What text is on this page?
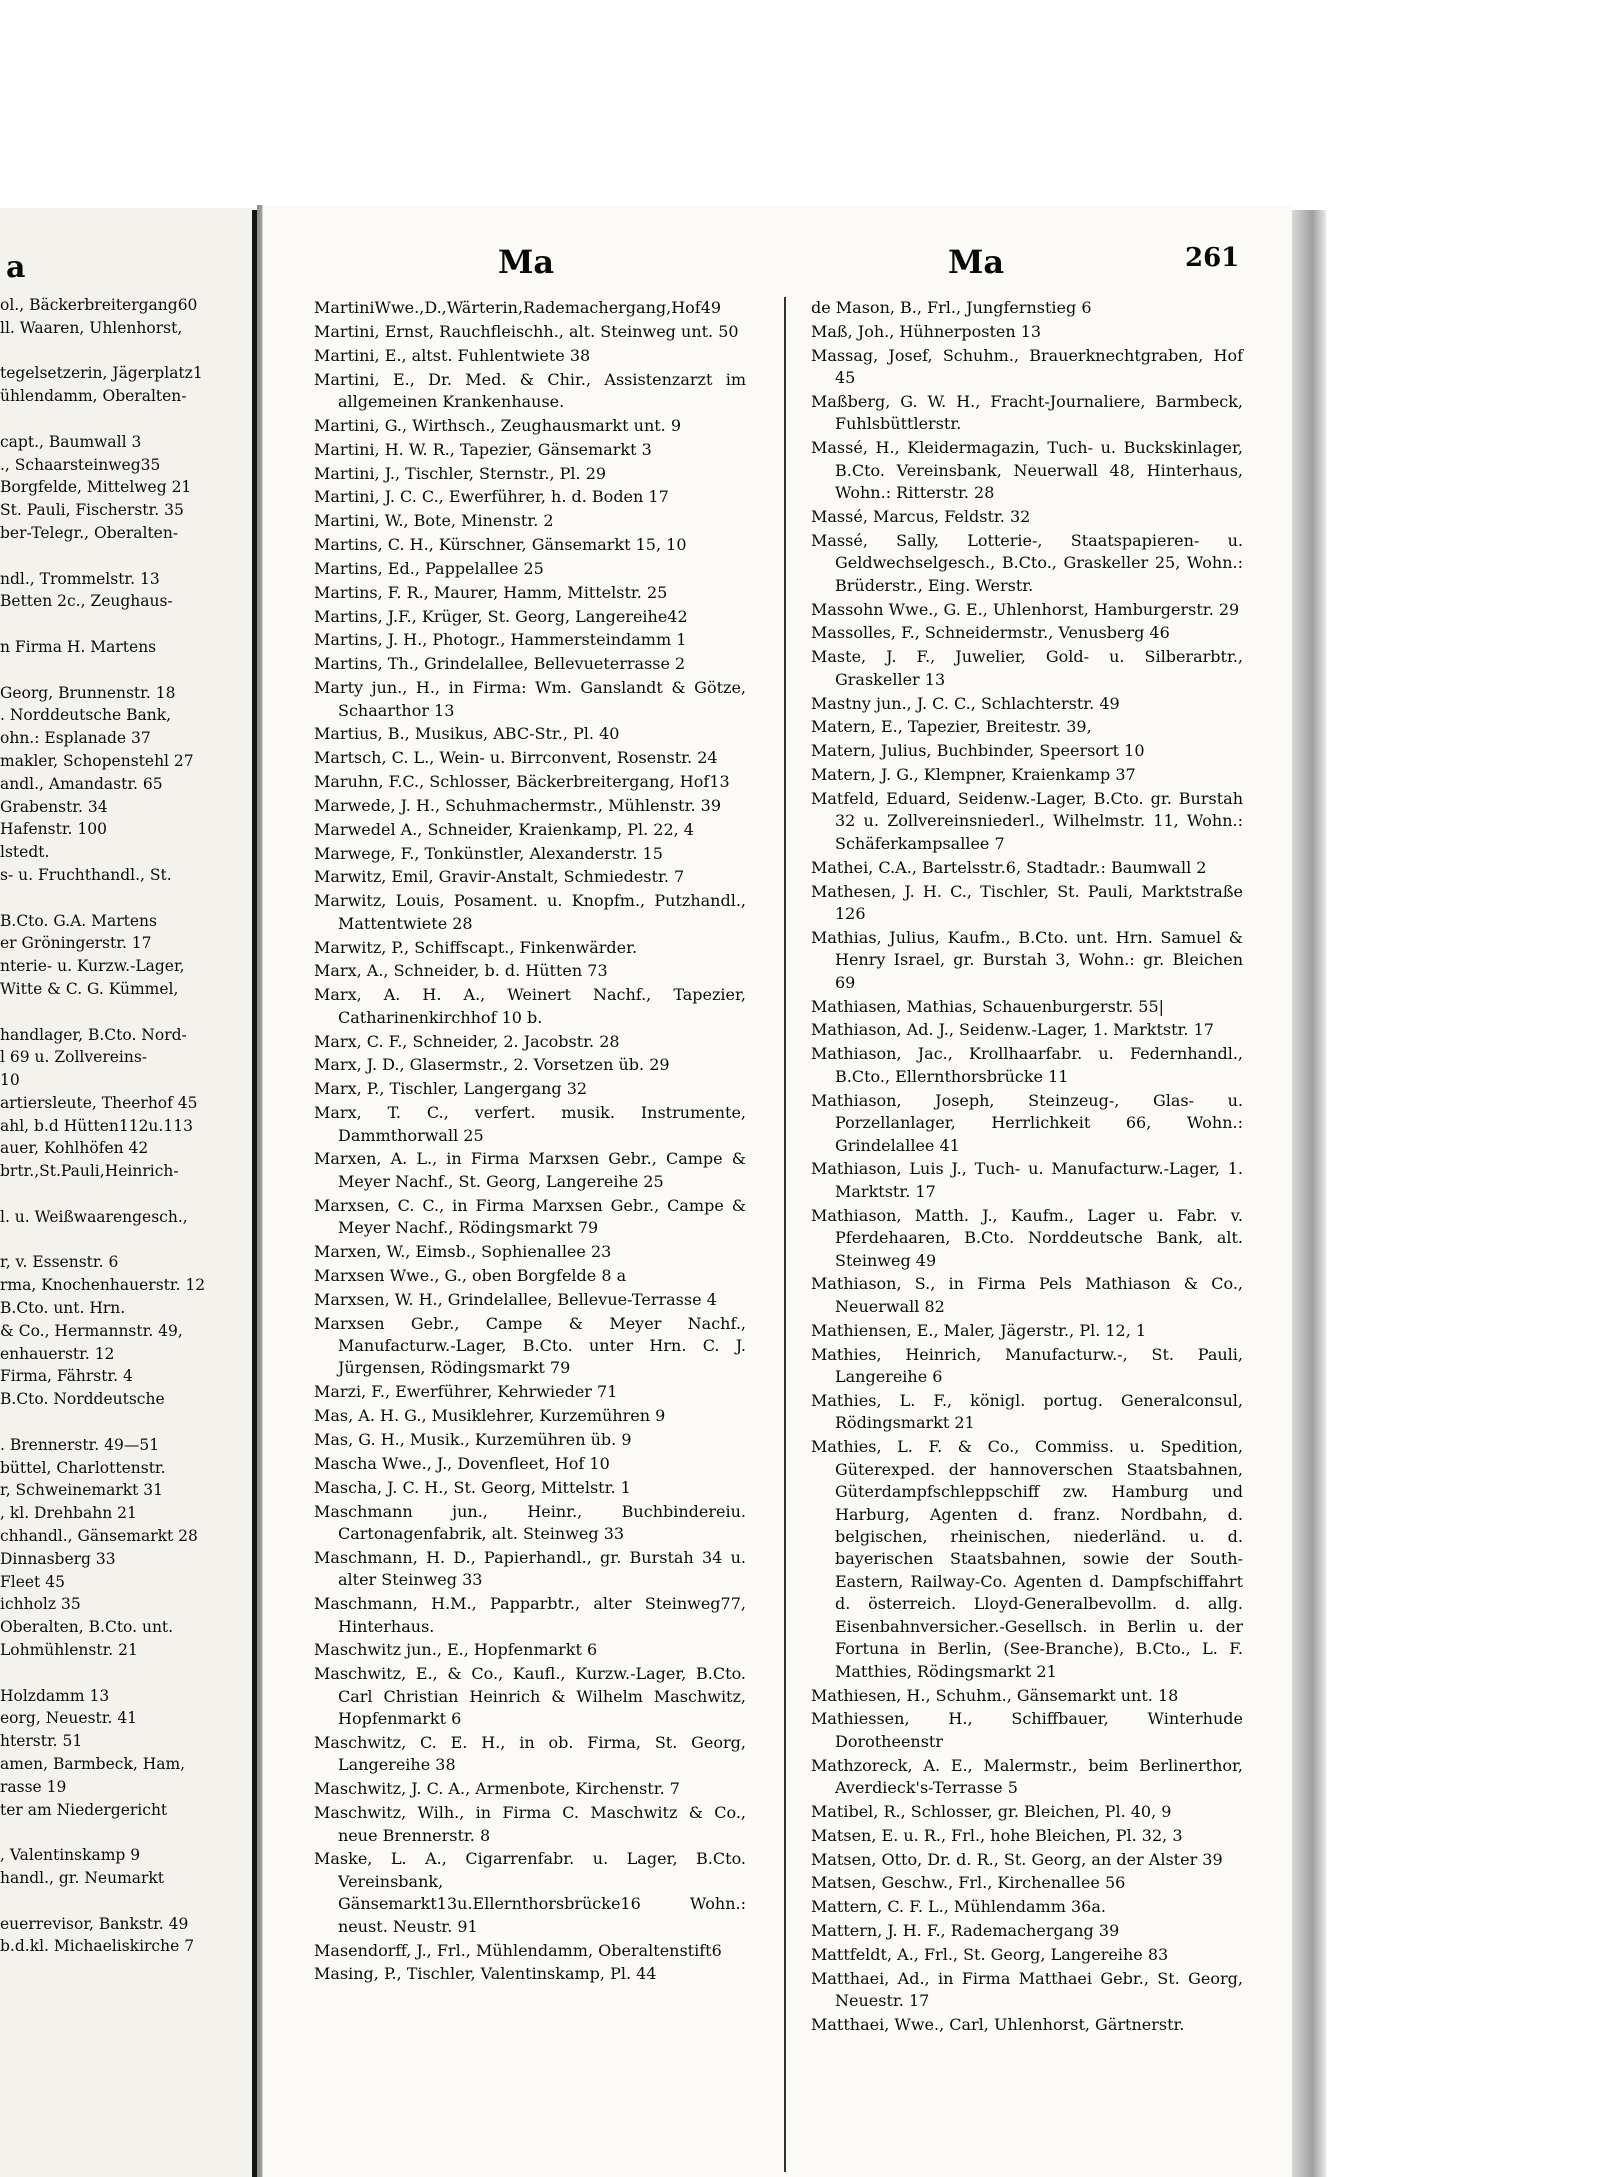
a
ol., Bäckerbreitergang60
ll. Waaren, Uhlenhorst,
tegelsetzerin, Jägerplatz1
ühlendamm, Oberalten-
capt., Baumwall 3
., Schaarsteinweg35
Borgfelde, Mittelweg 21
St. Pauli, Fischerstr. 35
ber-Telegr., Oberalten-
ndl., Trommelstr. 13
Betten 2c., Zeughaus-
n Firma H. Martens
Georg, Brunnenstr. 18
. Norddeutsche Bank,
ohn.: Esplanade 37
makler, Schopenstehl 27
andl., Amandastr. 65
Grabenstr. 34
Hafenstr. 100
lstedt.
s- u. Fruchthandl., St.
B.Cto. G.A. Martens
er Gröningerstr. 17
nterie- u. Kurzw.-Lager,
Witte & C. G. Kümmel,
handlager, B.Cto. Nord-
l 69 u. Zollvereins-
10
artiersleute, Theerhof 45
ahl, b.d Hütten112u.113
auer, Kohlhöfen 42
brtr.,St.Pauli,Heinrich-
l. u. Weißwaarengesch.,
r, v. Essenstr. 6
rma, Knochenhauerstr. 12
B.Cto. unt. Hrn.
& Co., Hermannstr. 49,
enhauerstr. 12
Firma, Fährstr. 4
B.Cto. Norddeutsche
. Brennerstr. 49—51
büttel, Charlottenstr.
r, Schweinemarkt 31
, kl. Drehbahn 21
chhandl., Gänsemarkt 28
Dinnasberg 33
Fleet 45
ichholz 35
Oberalten, B.Cto. unt.
Lohmühlenstr. 21
Holzdamm 13
eorg, Neuestr. 41
hterstr. 51
amen, Barmbeck, Ham,
rasse 19
ter am Niedergericht
, Valentinskamp 9
handl., gr. Neumarkt
euerrevisor, Bankstr. 49
b.d.kl. Michaeliskirche 7
Ma	Ma	261
MartiniWwe.,D.,Wärterin,Rademachergang,Hof49
Martini, Ernst, Rauchfleischh., alt. Steinweg unt. 50
Martini, E., altst. Fuhlentwiete 38
Martini, E., Dr. Med. & Chir., Assistenzarzt im allgemeinen Krankenhause.
Martini, G., Wirthsch., Zeughausmarkt unt. 9
Martini, H. W. R., Tapezier, Gänsemarkt 3
Martini, J., Tischler, Sternstr., Pl. 29
Martini, J. C. C., Ewerführer, h. d. Boden 17
Martini, W., Bote, Minenstr. 2
Martins, C. H., Kürschner, Gänsemarkt 15, 10
Martins, Ed., Pappelallee 25
Martins, F. R., Maurer, Hamm, Mittelstr. 25
Martins, J.F., Krüger, St. Georg, Langereihe42
Martins, J. H., Photogr., Hammersteindamm 1
Martins, Th., Grindelallee, Bellevueterrasse 2
Marty jun., H., in Firma: Wm. Ganslandt & Götze, Schaarthor 13
Martius, B., Musikus, ABC-Str., Pl. 40
Martsch, C. L., Wein- u. Birrconvent, Rosenstr. 24
Maruhn, F.C., Schlosser, Bäckerbreitergang, Hof13
Marwede, J. H., Schuhmachermstr., Mühlenstr. 39
Marwedel A., Schneider, Kraienkamp, Pl. 22, 4
Marwege, F., Tonkünstler, Alexanderstr. 15
Marwitz, Emil, Gravir-Anstalt, Schmiedestr. 7
Marwitz, Louis, Posament. u. Knopfm., Putzhandl., Mattentwiete 28
Marwitz, P., Schiffscapt., Finkenwärder.
Marx, A., Schneider, b. d. Hütten 73
Marx, A. H. A., Weinert Nachf., Tapezier, Catharinenkirchhof 10 b.
Marx, C. F., Schneider, 2. Jacobstr. 28
Marx, J. D., Glasermstr., 2. Vorsetzen üb. 29
Marx, P., Tischler, Langergang 32
Marx, T. C., verfert. musik. Instrumente, Dammthorwall 25
Marxen, A. L., in Firma Marxsen Gebr., Campe & Meyer Nachf., St. Georg, Langereihe 25
Marxsen, C. C., in Firma Marxsen Gebr., Campe & Meyer Nachf., Rödingsmarkt 79
Marxen, W., Eimsb., Sophienallee 23
Marxsen Wwe., G., oben Borgfelde 8 a
Marxsen, W. H., Grindelallee, Bellevue-Terrasse 4
Marxsen Gebr., Campe & Meyer Nachf., Manufacturw.-Lager, B.Cto. unter Hrn. C. J. Jürgensen, Rödingsmarkt 79
Marzi, F., Ewerführer, Kehrwieder 71
Mas, A. H. G., Musiklehrer, Kurzemühren 9
Mas, G. H., Musik., Kurzemühren üb. 9
Mascha Wwe., J., Dovenfleet, Hof 10
Mascha, J. C. H., St. Georg, Mittelstr. 1
Maschmann jun., Heinr., Buchbindereiu. Cartonagenfabrik, alt. Steinweg 33
Maschmann, H. D., Papierhandl., gr. Burstah 34 u. alter Steinweg 33
Maschmann, H.M., Papparbtr., alter Steinweg77, Hinterhaus.
Maschwitz jun., E., Hopfenmarkt 6
Maschwitz, E., & Co., Kaufl., Kurzw.-Lager, B.Cto. Carl Christian Heinrich & Wilhelm Maschwitz, Hopfenmarkt 6
Maschwitz, C. E. H., in ob. Firma, St. Georg, Langereihe 38
Maschwitz, J. C. A., Armenbote, Kirchenstr. 7
Maschwitz, Wilh., in Firma C. Maschwitz & Co., neue Brennerstr. 8
Maske, L. A., Cigarrenfabr. u. Lager, B.Cto. Vereinsbank, Gänsemarkt13u.Ellernthorsbrücke16 Wohn.: neust. Neustr. 91
Masendorff, J., Frl., Mühlendamm, Oberaltenstift6
Masing, P., Tischler, Valentinskamp, Pl. 44
de Mason, B., Frl., Jungfernstieg 6
Maß, Joh., Hühnerposten 13
Massag, Josef, Schuhm., Brauerknechtgraben, Hof 45
Maßberg, G. W. H., Fracht-Journaliere, Barmbeck, Fuhlsbüttlerstr.
Massé, H., Kleidermagazin, Tuch- u. Buckskinlager, B.Cto. Vereinsbank, Neuerwall 48, Hinterhaus, Wohn.: Ritterstr. 28
Massé, Marcus, Feldstr. 32
Massé, Sally, Lotterie-, Staatspapieren- u. Geldwechselgesch., B.Cto., Graskeller 25, Wohn.: Brüderstr., Eing. Werstr.
Massohn Wwe., G. E., Uhlenhorst, Hamburgerstr. 29
Massolles, F., Schneidermstr., Venusberg 46
Maste, J. F., Juwelier, Gold- u. Silberarbtr., Graskeller 13
Mastny jun., J. C. C., Schlachterstr. 49
Matern, E., Tapezier, Breitestr. 39,
Matern, Julius, Buchbinder, Speersort 10
Matern, J. G., Klempner, Kraienkamp 37
Matfeld, Eduard, Seidenw.-Lager, B.Cto. gr. Burstah 32 u. Zollvereinsniederl., Wilhelmstr. 11, Wohn.: Schäferkampsallee 7
Mathei, C.A., Bartelsstr.6, Stadtadr.: Baumwall 2
Mathesen, J. H. C., Tischler, St. Pauli, Marktstraße 126
Mathias, Julius, Kaufm., B.Cto. unt. Hrn. Samuel & Henry Israel, gr. Burstah 3, Wohn.: gr. Bleichen 69
Mathiasen, Mathias, Schauenburgerstr. 55|
Mathiason, Ad. J., Seidenw.-Lager, 1. Marktstr. 17
Mathiason, Jac., Krollhaarfabr. u. Federnhandl., B.Cto., Ellernthorsbrücke 11
Mathiason, Joseph, Steinzeug-, Glas- u. Porzellanlager, Herrlichkeit 66, Wohn.: Grindelallee 41
Mathiason, Luis J., Tuch- u. Manufacturw.-Lager, 1. Marktstr. 17
Mathiason, Matth. J., Kaufm., Lager u. Fabr. v. Pferdehaaren, B.Cto. Norddeutsche Bank, alt. Steinweg 49
Mathiason, S., in Firma Pels Mathiason & Co., Neuerwall 82
Mathiensen, E., Maler, Jägerstr., Pl. 12, 1
Mathies, Heinrich, Manufacturw.-, St. Pauli, Langereihe 6
Mathies, L. F., königl. portug. Generalconsul, Rödingsmarkt 21
Mathies, L. F. & Co., Commiss. u. Spedition, Güterexped. der hannoverschen Staatsbahnen, Güterdampfschleppschiff zw. Hamburg und Harburg, Agenten d. franz. Nordbahn, d. belgischen, rheinischen, niederländ. u. d. bayerischen Staatsbahnen, sowie der South-Eastern, Railway-Co. Agenten d. Dampfschiffahrt d. österreich. Lloyd-Generalbevollm. d. allg. Eisenbahnversicher.-Gesellsch. in Berlin u. der Fortuna in Berlin, (See-Branche), B.Cto., L. F. Matthies, Rödingsmarkt 21
Mathiesen, H., Schuhm., Gänsemarkt unt. 18
Mathiessen, H., Schiffbauer, Winterhude Dorotheenstr
Mathzoreck, A. E., Malermstr., beim Berlinerthor, Averdieck's-Terrasse 5
Matibel, R., Schlosser, gr. Bleichen, Pl. 40, 9
Matsen, E. u. R., Frl., hohe Bleichen, Pl. 32, 3
Matsen, Otto, Dr. d. R., St. Georg, an der Alster 39
Matsen, Geschw., Frl., Kirchenallee 56
Mattern, C. F. L., Mühlendamm 36a.
Mattern, J. H. F., Rademachergang 39
Mattfeldt, A., Frl., St. Georg, Langereihe 83
Matthaei, Ad., in Firma Matthaei Gebr., St. Georg, Neuestr. 17
Matthaei, Wwe., Carl, Uhlenhorst, Gärtnerstr.
